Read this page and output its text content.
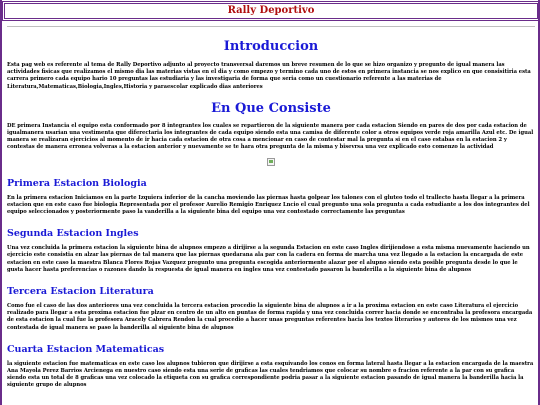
Rally Deportivo
Introduccion

Esta pag web es referente al tema de Rally Deportivo adjunto al proyecto transversal daremos un breve resumen de lo que se hizo organizo y pregunto de igual manera las actividades fisicas que realizamos el mismo dia las materias vistas en el dia y como empezo y termino cada uno de estos en primera instancia se nos explico en que consisitiria esta carrera primero cada equipo hario 10 preguntas las estudiaria y las investigaria de forma que seria como un cuestionario referente a las materias de Literatura,Matematicas,Biologia,Ingles,Historia y paraescolar explicado dias anteriores

En Que Consiste

DE primera Instancia el equipo esta conformado por 8 integrantes los cuales se repartieron de la siguiente manera por cada estacion Siendo en pares de dos por cada estacion de igualmanera usarian una vestimenta que diferectaria los integrantes de cada equipo siendo esta una camisa de diferente color a otros equipos verde roja amarilla Azul etc. De igual manera se realizaran ejercicios al momento de ir hacia cada estacion de otra cosa a mencionar en caso de contestar mal la pregunta si en el caso estabas en la estacion 2 y contestas de manera erronea volveras a la estacion anterior y nuevamente se te hara otra pregunta de la misma y bisevrsa una vez explicado esto comenzo la actividad

Primera Estacion Biologia

En la primera estacion Iniciamos en la parte Izquiera inferior de la cancha moviendo las piernas hasta golpear los talones con el gluteo todo el trallecto hasta llegar a la primera estacion que en este caso fue biologia Representada por el profesor Aurelio Remigio Enriquez Lncio el cual pregunto una sola pregunta a cada estudiante a los dos integrantes del equipo seleccionados y posteriormente paso la vanderilla a la siguiente bina del equipo una vez contestado correctamente las preguntas

Segunda Estacion Ingles

Una vez concluida la primera estacion la siguiente bina de alupnos empezo a dirijirse a la segunda Estacion en este caso Ingles dirijiendose a esta misma nuevamente haciendo un ejercicio este consistia en alzar las piernas de tal manera que las piernas quedarana ala par con la cadera en forma de marcha una vez llegado a la estacion la encargada de este estacion en este caso la maestra Blanca Flores Rojas Vazquez pregunto una pregunta escogida anteriormente alazar por el alupno siendo esta posible pregunta desde lo que le gusta hacer hasta preferencias o razones dando la respuesta de igual manera en ingles una vez contestado pasaron la banderilla a la siguiente bina de alupnos

Tercera Estacion Literatura

Como fue el caso de las dos anteriores una vez concluida la tercera estacion procedio la siguiente bina de alupnos a ir a la proxima estacion en este caso Literatura el ejercicio realizado para llegar a esta proxima estacion fue plzar en centro de un alto en puntas de forma rapida y una vez concluida correr hacia donde se encontraba la profesora encargada de esta estacion la cual fue la profesora Aracely Cabrera Rendon la cual procedio a hacer unas preguntas referentes hacia los textos literarios y autores de los mismos una vez contestada de igual manera se paso la banderilla al siguiente bina de alupnos

Cuarta Estacion Matematicas

la siguiente estacion fue matematicas en este caso los alupnos tubieron que dirijirse a esta esquivando los conos en forma lateral hasta llegar a la estacion encargada de la maestra Ana Mayola Perez Barrios Arcienega en nuestro caso siendo esta una serie de graficas las cuales tendriamos que colocar su nombre o fracion referente a la par con su grafica siendo esta un total de 8 graficas una vez colocado la etiqueta con su grafica correspondiente podria pasar a la siguiente estacion pasando de igual manera la banderilla hacia la siguiente grupo de alupnos
